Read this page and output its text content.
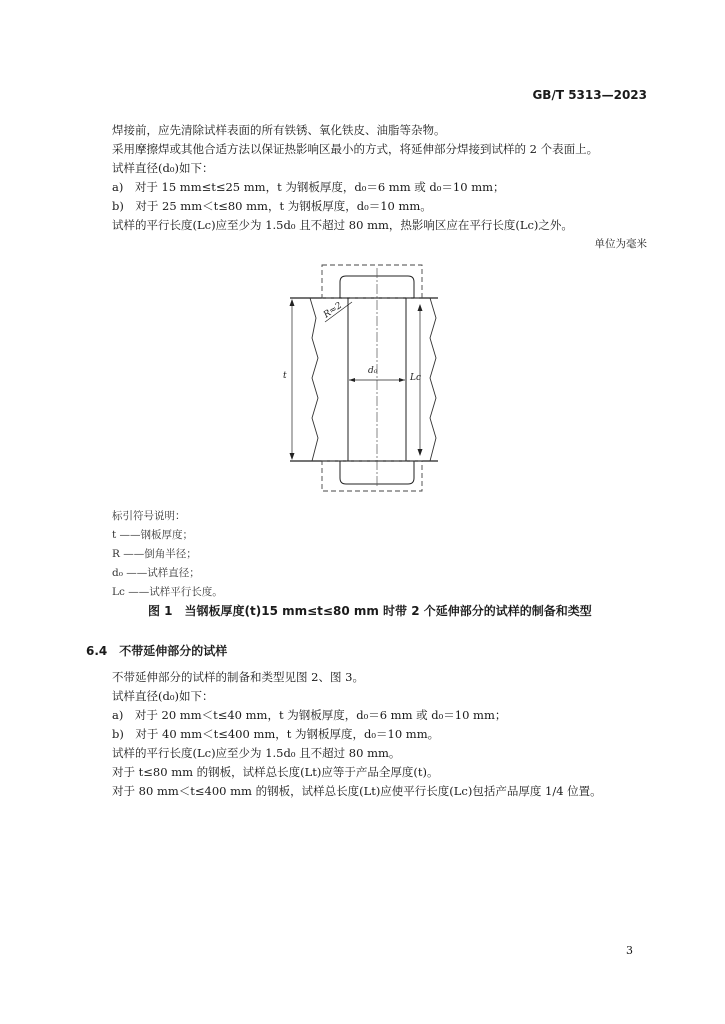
GB/T 5313—2023
焊接前，应先清除试样表面的所有铁锈、氧化铁皮、油脂等杂物。
采用摩擦焊或其他合适方法以保证热影响区最小的方式，将延伸部分焊接到试样的 2 个表面上。
试样直径(d₀)如下：
a)　对于 15 mm≤t≤25 mm，t 为钢板厚度，d₀＝6 mm 或 d₀＝10 mm；
b)　对于 25 mm＜t≤80 mm，t 为钢板厚度，d₀＝10 mm。
试样的平行长度(Lc)应至少为 1.5d₀ 且不超过 80 mm，热影响区应在平行长度(Lc)之外。
单位为毫米
t	Lc
d₀
R≈2
标引符号说明：
t ——钢板厚度；
R ——倒角半径；
d₀ ——试样直径；
Lc ——试样平行长度。
图 1　当钢板厚度(t)15 mm≤t≤80 mm 时带 2 个延伸部分的试样的制备和类型
6.4　不带延伸部分的试样
不带延伸部分的试样的制备和类型见图 2、图 3。
试样直径(d₀)如下：
a)　对于 20 mm＜t≤40 mm，t 为钢板厚度，d₀＝6 mm 或 d₀＝10 mm；
b)　对于 40 mm＜t≤400 mm，t 为钢板厚度，d₀＝10 mm。
试样的平行长度(Lc)应至少为 1.5d₀ 且不超过 80 mm。
对于 t≤80 mm 的钢板，试样总长度(Lt)应等于产品全厚度(t)。
对于 80 mm＜t≤400 mm 的钢板，试样总长度(Lt)应使平行长度(Lc)包括产品厚度 1/4 位置。
3
